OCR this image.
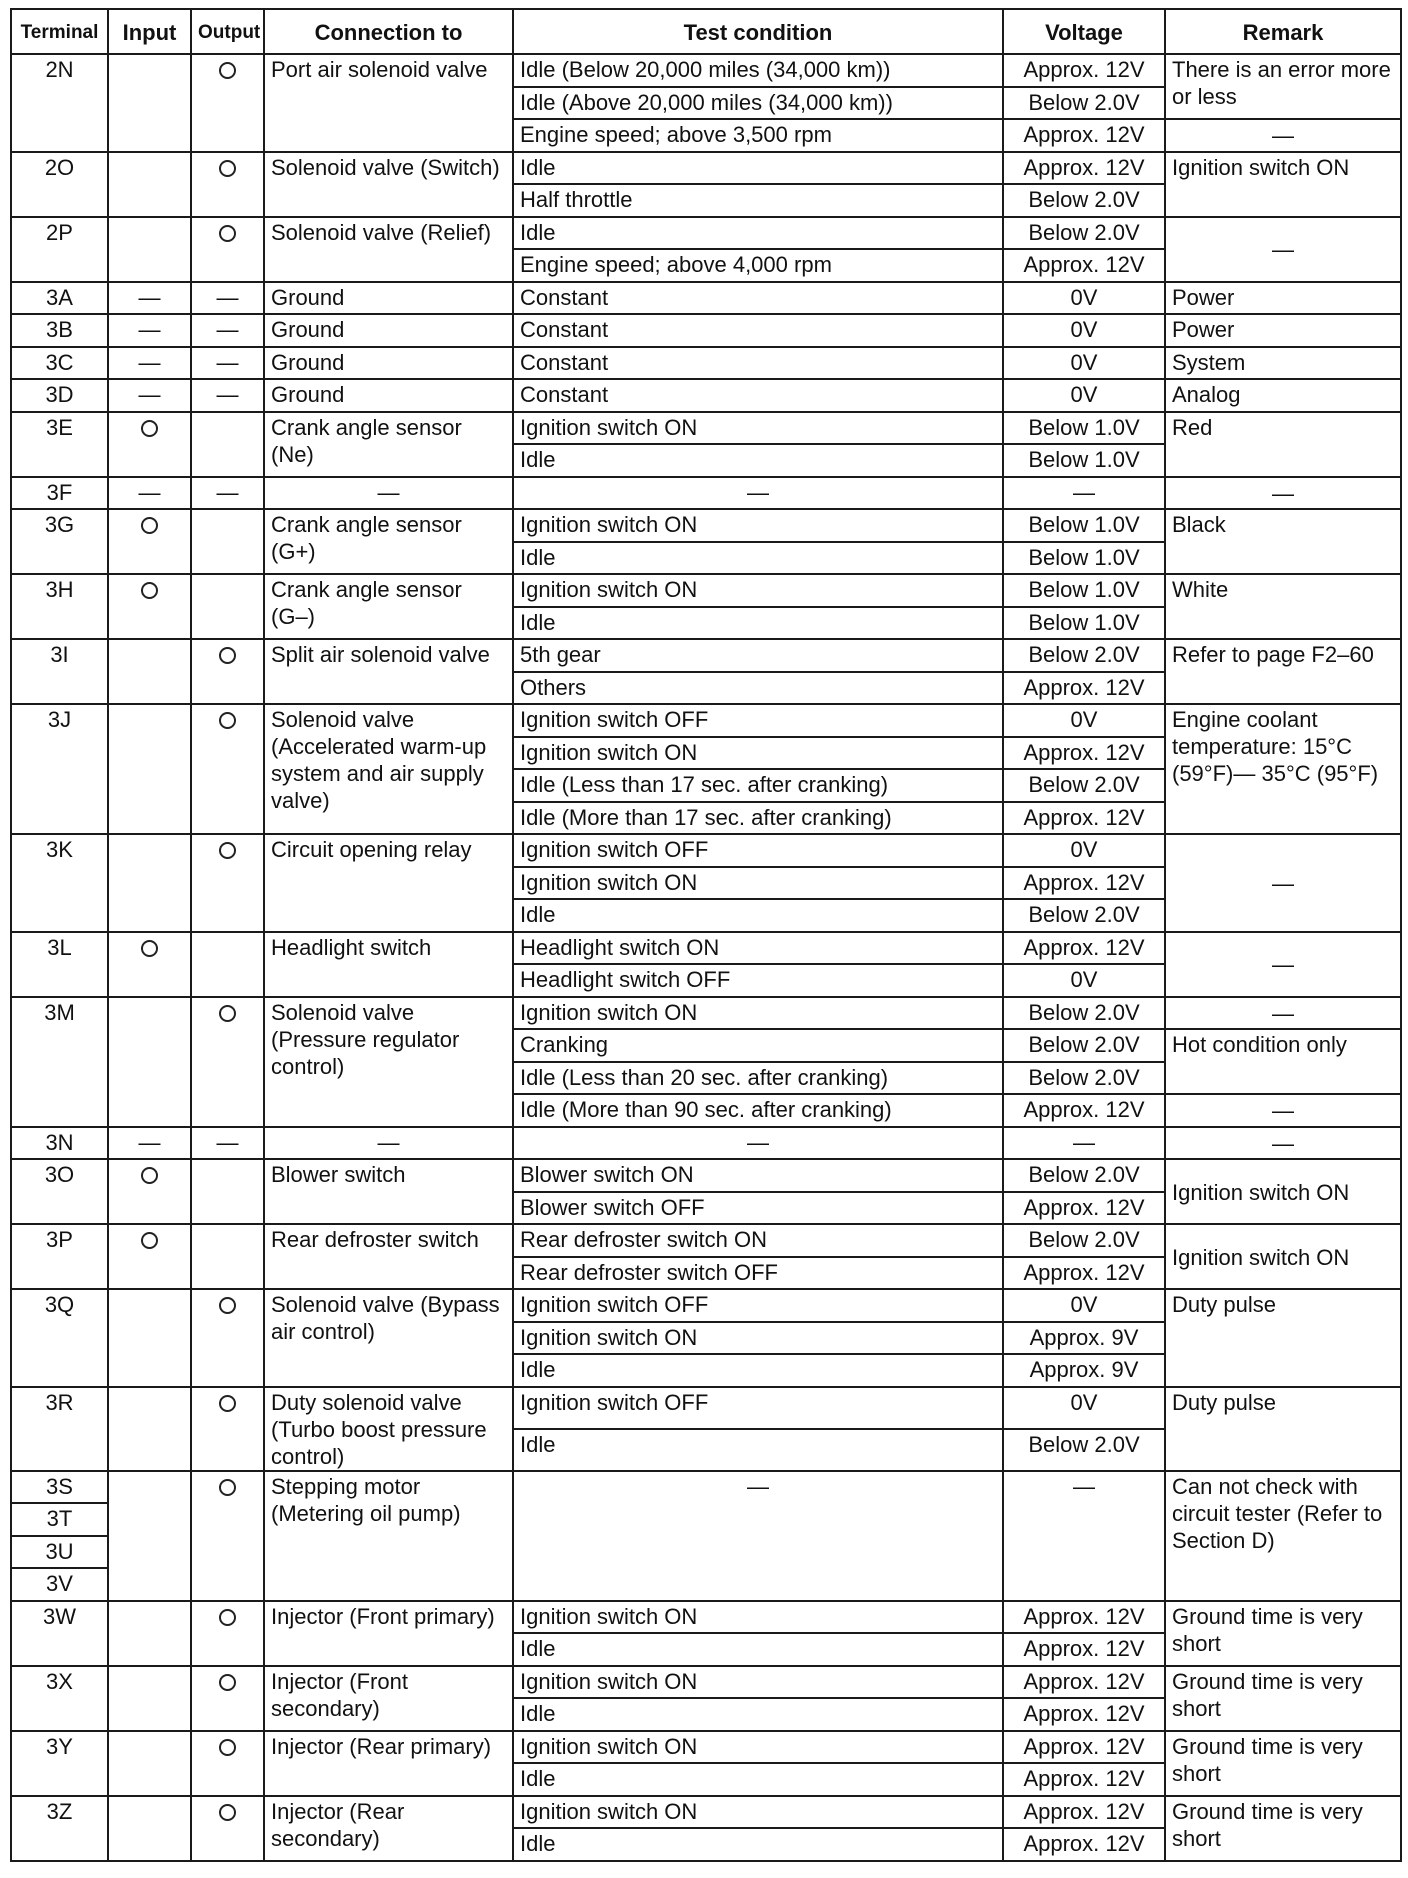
Terminal	Input	Output	Connection to	Test condition	Voltage	Remark
2N			Port air solenoid valve	Idle (Below 20,000 miles (34,000 km))	Approx. 12V	There is an error more or less
				Idle (Above 20,000 miles (34,000 km))	Below 2.0V	
				Engine speed; above 3,500 rpm	Approx. 12V	—
2O			Solenoid valve (Switch)	Idle	Approx. 12V	Ignition switch ON
				Half throttle	Below 2.0V	
2P			Solenoid valve (Relief)	Idle	Below 2.0V	—
				Engine speed; above 4,000 rpm	Approx. 12V	
3A	—	—	Ground	Constant	0V	Power
3B	—	—	Ground	Constant	0V	Power
3C	—	—	Ground	Constant	0V	System
3D	—	—	Ground	Constant	0V	Analog
3E			Crank angle sensor (Ne)	Ignition switch ON	Below 1.0V	Red
				Idle	Below 1.0V	
3F	—	—	—	—	—	—
3G			Crank angle sensor (G+)	Ignition switch ON	Below 1.0V	Black
				Idle	Below 1.0V	
3H			Crank angle sensor (G–)	Ignition switch ON	Below 1.0V	White
				Idle	Below 1.0V	
3I			Split air solenoid valve	5th gear	Below 2.0V	Refer to page F2–60
				Others	Approx. 12V	
3J			Solenoid valve (Accelerated warm-up system and air supply valve)	Ignition switch OFF	0V	Engine coolant temperature: 15°C (59°F)— 35°C (95°F)
				Ignition switch ON	Approx. 12V	
				Idle (Less than 17 sec. after cranking)	Below 2.0V	
				Idle (More than 17 sec. after cranking)	Approx. 12V	
3K			Circuit opening relay	Ignition switch OFF	0V	—
				Ignition switch ON	Approx. 12V	
				Idle	Below 2.0V	
3L			Headlight switch	Headlight switch ON	Approx. 12V	—
				Headlight switch OFF	0V	
3M			Solenoid valve (Pressure regulator control)	Ignition switch ON	Below 2.0V	—
				Cranking	Below 2.0V	Hot condition only
				Idle (Less than 20 sec. after cranking)	Below 2.0V	
				Idle (More than 90 sec. after cranking)	Approx. 12V	—
3N	—	—	—	—	—	—
3O			Blower switch	Blower switch ON	Below 2.0V	Ignition switch ON
				Blower switch OFF	Approx. 12V	
3P			Rear defroster switch	Rear defroster switch ON	Below 2.0V	Ignition switch ON
				Rear defroster switch OFF	Approx. 12V	
3Q			Solenoid valve (Bypass air control)	Ignition switch OFF	0V	Duty pulse
				Ignition switch ON	Approx. 9V	
				Idle	Approx. 9V	
3R			Duty solenoid valve (Turbo boost pressure control)	Ignition switch OFF	0V	Duty pulse
				Idle	Below 2.0V	
3S			Stepping motor (Metering oil pump)	—	—	Can not check with circuit tester (Refer to Section D)
3T						
3U						
3V						
3W			Injector (Front primary)	Ignition switch ON	Approx. 12V	Ground time is very short
				Idle	Approx. 12V	
3X			Injector (Front secondary)	Ignition switch ON	Approx. 12V	Ground time is very short
				Idle	Approx. 12V	
3Y			Injector (Rear primary)	Ignition switch ON	Approx. 12V	Ground time is very short
				Idle	Approx. 12V	
3Z			Injector (Rear secondary)	Ignition switch ON	Approx. 12V	Ground time is very short
				Idle	Approx. 12V	
